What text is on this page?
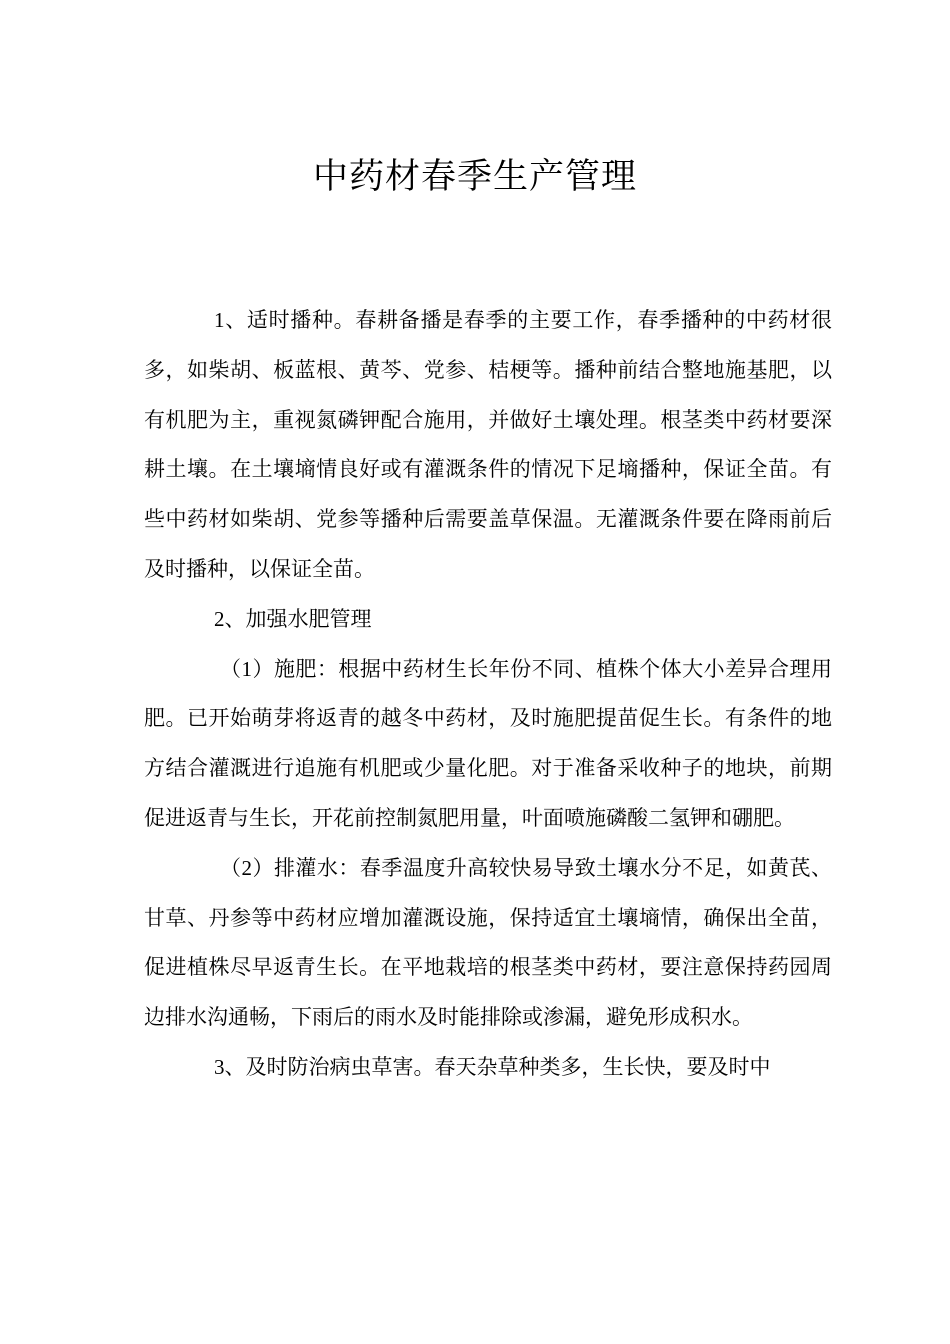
中药材春季生产管理

1、适时播种。春耕备播是春季的主要工作，春季播种的中药材很多，如柴胡、板蓝根、黄芩、党参、桔梗等。播种前结合整地施基肥，以有机肥为主，重视氮磷钾配合施用，并做好土壤处理。根茎类中药材要深耕土壤。在土壤墒情良好或有灌溉条件的情况下足墒播种，保证全苗。有些中药材如柴胡、党参等播种后需要盖草保温。无灌溉条件要在降雨前后及时播种，以保证全苗。

2、加强水肥管理

（1）施肥：根据中药材生长年份不同、植株个体大小差异合理用肥。已开始萌芽将返青的越冬中药材，及时施肥提苗促生长。有条件的地方结合灌溉进行追施有机肥或少量化肥。对于准备采收种子的地块，前期促进返青与生长，开花前控制氮肥用量，叶面喷施磷酸二氢钾和硼肥。

（2）排灌水：春季温度升高较快易导致土壤水分不足，如黄芪、甘草、丹参等中药材应增加灌溉设施，保持适宜土壤墒情，确保出全苗，促进植株尽早返青生长。在平地栽培的根茎类中药材，要注意保持药园周边排水沟通畅，下雨后的雨水及时能排除或渗漏，避免形成积水。

3、及时防治病虫草害。春天杂草种类多，生长快，要及时中
